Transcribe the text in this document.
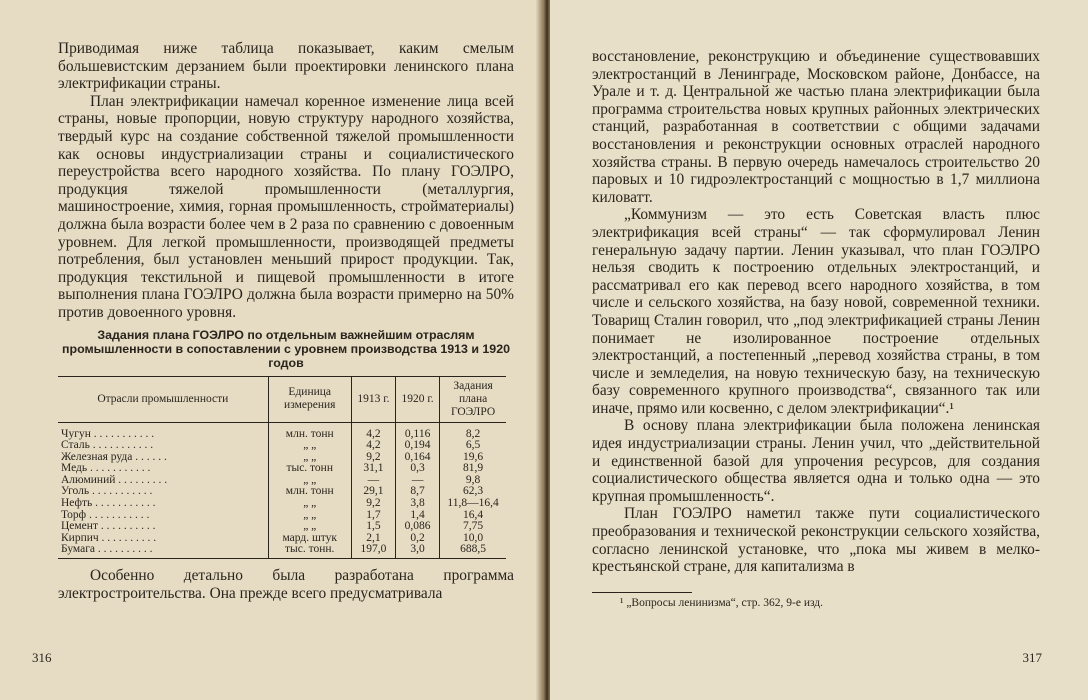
Приводимая ниже таблица показывает, каким смелым большевистским дерзанием были проектировки ленинского плана электрификации страны.

План электрификации намечал коренное изменение лица всей страны, новые пропорции, новую структуру народного хозяйства, твердый курс на создание собственной тяжелой промышленности как основы индустриализации страны и социалистического переустройства всего народного хозяйства. По плану ГОЭЛРО, продукция тяжелой промышленности (металлургия, машиностроение, химия, горная промышленность, стройматериалы) должна была возрасти более чем в 2 раза по сравнению с довоенным уровнем. Для легкой промышленности, производящей предметы потребления, был установлен меньший прирост продукции. Так, продукция текстильной и пищевой промышленности в итоге выполнения плана ГОЭЛРО должна была возрасти примерно на 50% против довоенного уровня.

Задания плана ГОЭЛРО по отдельным важнейшим отраслям промышленности в сопоставлении с уровнем производства 1913 и 1920 годов
Отрасли промышленности	Единица измерения	1913 г.	1920 г.	Задания плана ГОЭЛРО
Чугун . . . . . . . . . . .	млн. тонн	4,2	0,116	8,2
Сталь . . . . . . . . . . .	„ „	4,2	0,194	6,5
Железная руда . . . . . .	„ „	9,2	0,164	19,6
Медь . . . . . . . . . . .	тыс. тонн	31,1	0,3	81,9
Алюминий . . . . . . . . .	„ „	—	—	9,8
Уголь . . . . . . . . . . .	млн. тонн	29,1	8,7	62,3
Нефть . . . . . . . . . . .	„ „	9,2	3,8	11,8—16,4
Торф . . . . . . . . . . .	„ „	1,7	1,4	16,4
Цемент . . . . . . . . . .	„ „	1,5	0,086	7,75
Кирпич . . . . . . . . . .	мард. штук	2,1	0,2	10,0
Бумага . . . . . . . . . .	тыс. тонн.	197,0	3,0	688,5

Особенно детально была разработана программа электростроительства. Она прежде всего предусматривала

316

восстановление, реконструкцию и объединение существовавших электростанций в Ленинграде, Московском районе, Донбассе, на Урале и т. д. Центральной же частью плана электрификации была программа строительства новых крупных районных электрических станций, разработанная в соответствии с общими задачами восстановления и реконструкции основных отраслей народного хозяйства страны. В первую очередь намечалось строительство 20 паровых и 10 гидроэлектростанций с мощностью в 1,7 миллиона киловатт.

„Коммунизм — это есть Советская власть плюс электрификация всей страны“ — так сформулировал Ленин генеральную задачу партии. Ленин указывал, что план ГОЭЛРО нельзя сводить к построению отдельных электростанций, и рассматривал его как перевод всего народного хозяйства, в том числе и сельского хозяйства, на базу новой, современной техники. Товарищ Сталин говорил, что „под электрификацией страны Ленин понимает не изолированное построение отдельных электростанций, а постепенный „перевод хозяйства страны, в том числе и земледелия, на новую техническую базу, на техническую базу современного крупного производства“, связанного так или иначе, прямо или косвенно, с делом электрификации“.¹

В основу плана электрификации была положена ленинская идея индустриализации страны. Ленин учил, что „действительной и единственной базой для упрочения ресурсов, для создания социалистического общества является одна и только одна — это крупная промышленность“.

План ГОЭЛРО наметил также пути социалистического преобразования и технической реконструкции сельского хозяйства, согласно ленинской установке, что „пока мы живем в мелко-крестьянской стране, для капитализма в

¹ „Вопросы ленинизма“, стр. 362, 9-е изд.
317
